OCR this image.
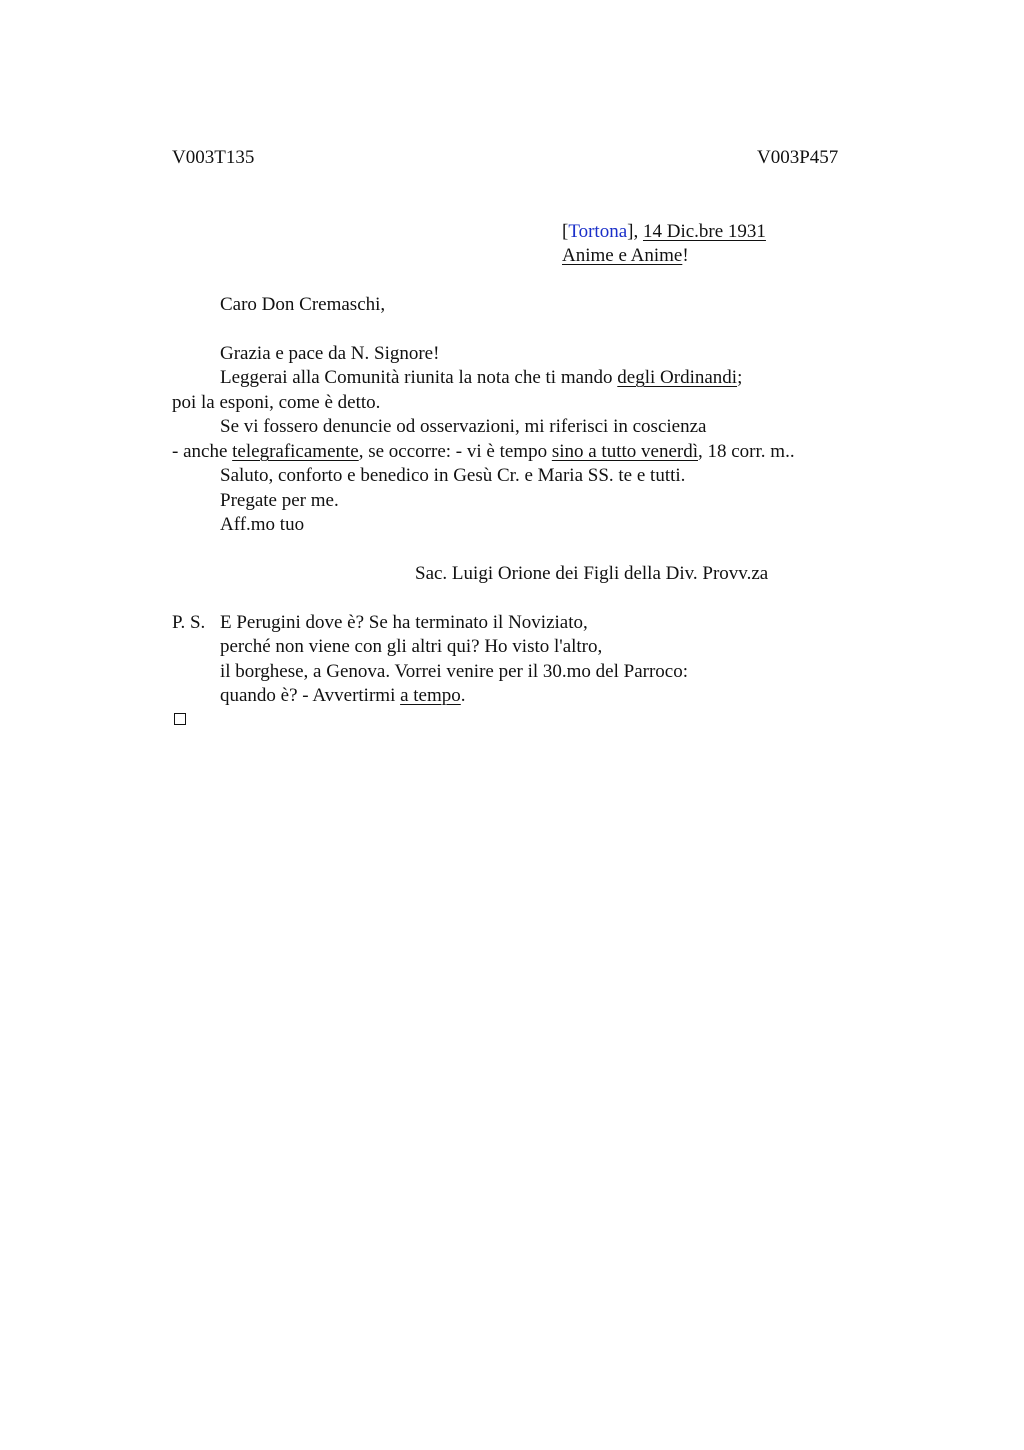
V003T135	V003P457
[Tortona], 14 Dic.bre 1931
Anime e Anime!
Caro Don Cremaschi,
Grazia e pace da N. Signore!
Leggerai alla Comunità riunita la nota che ti mando degli Ordinandi;
poi la esponi, come è detto.
Se vi fossero denuncie od osservazioni, mi riferisci in coscienza
- anche telegraficamente, se occorre: - vi è tempo sino a tutto venerdì, 18 corr. m..
Saluto, conforto e benedico in Gesù Cr. e Maria SS. te e tutti.
Pregate per me.
Aff.mo tuo
Sac. Luigi Orione dei Figli della Div. Provv.za
P. S. E Perugini dove è? Se ha terminato il Noviziato,
perché non viene con gli altri qui? Ho visto l'altro,
il borghese, a Genova. Vorrei venire per il 30.mo del Parroco:
quando è? - Avvertirmi a tempo.
